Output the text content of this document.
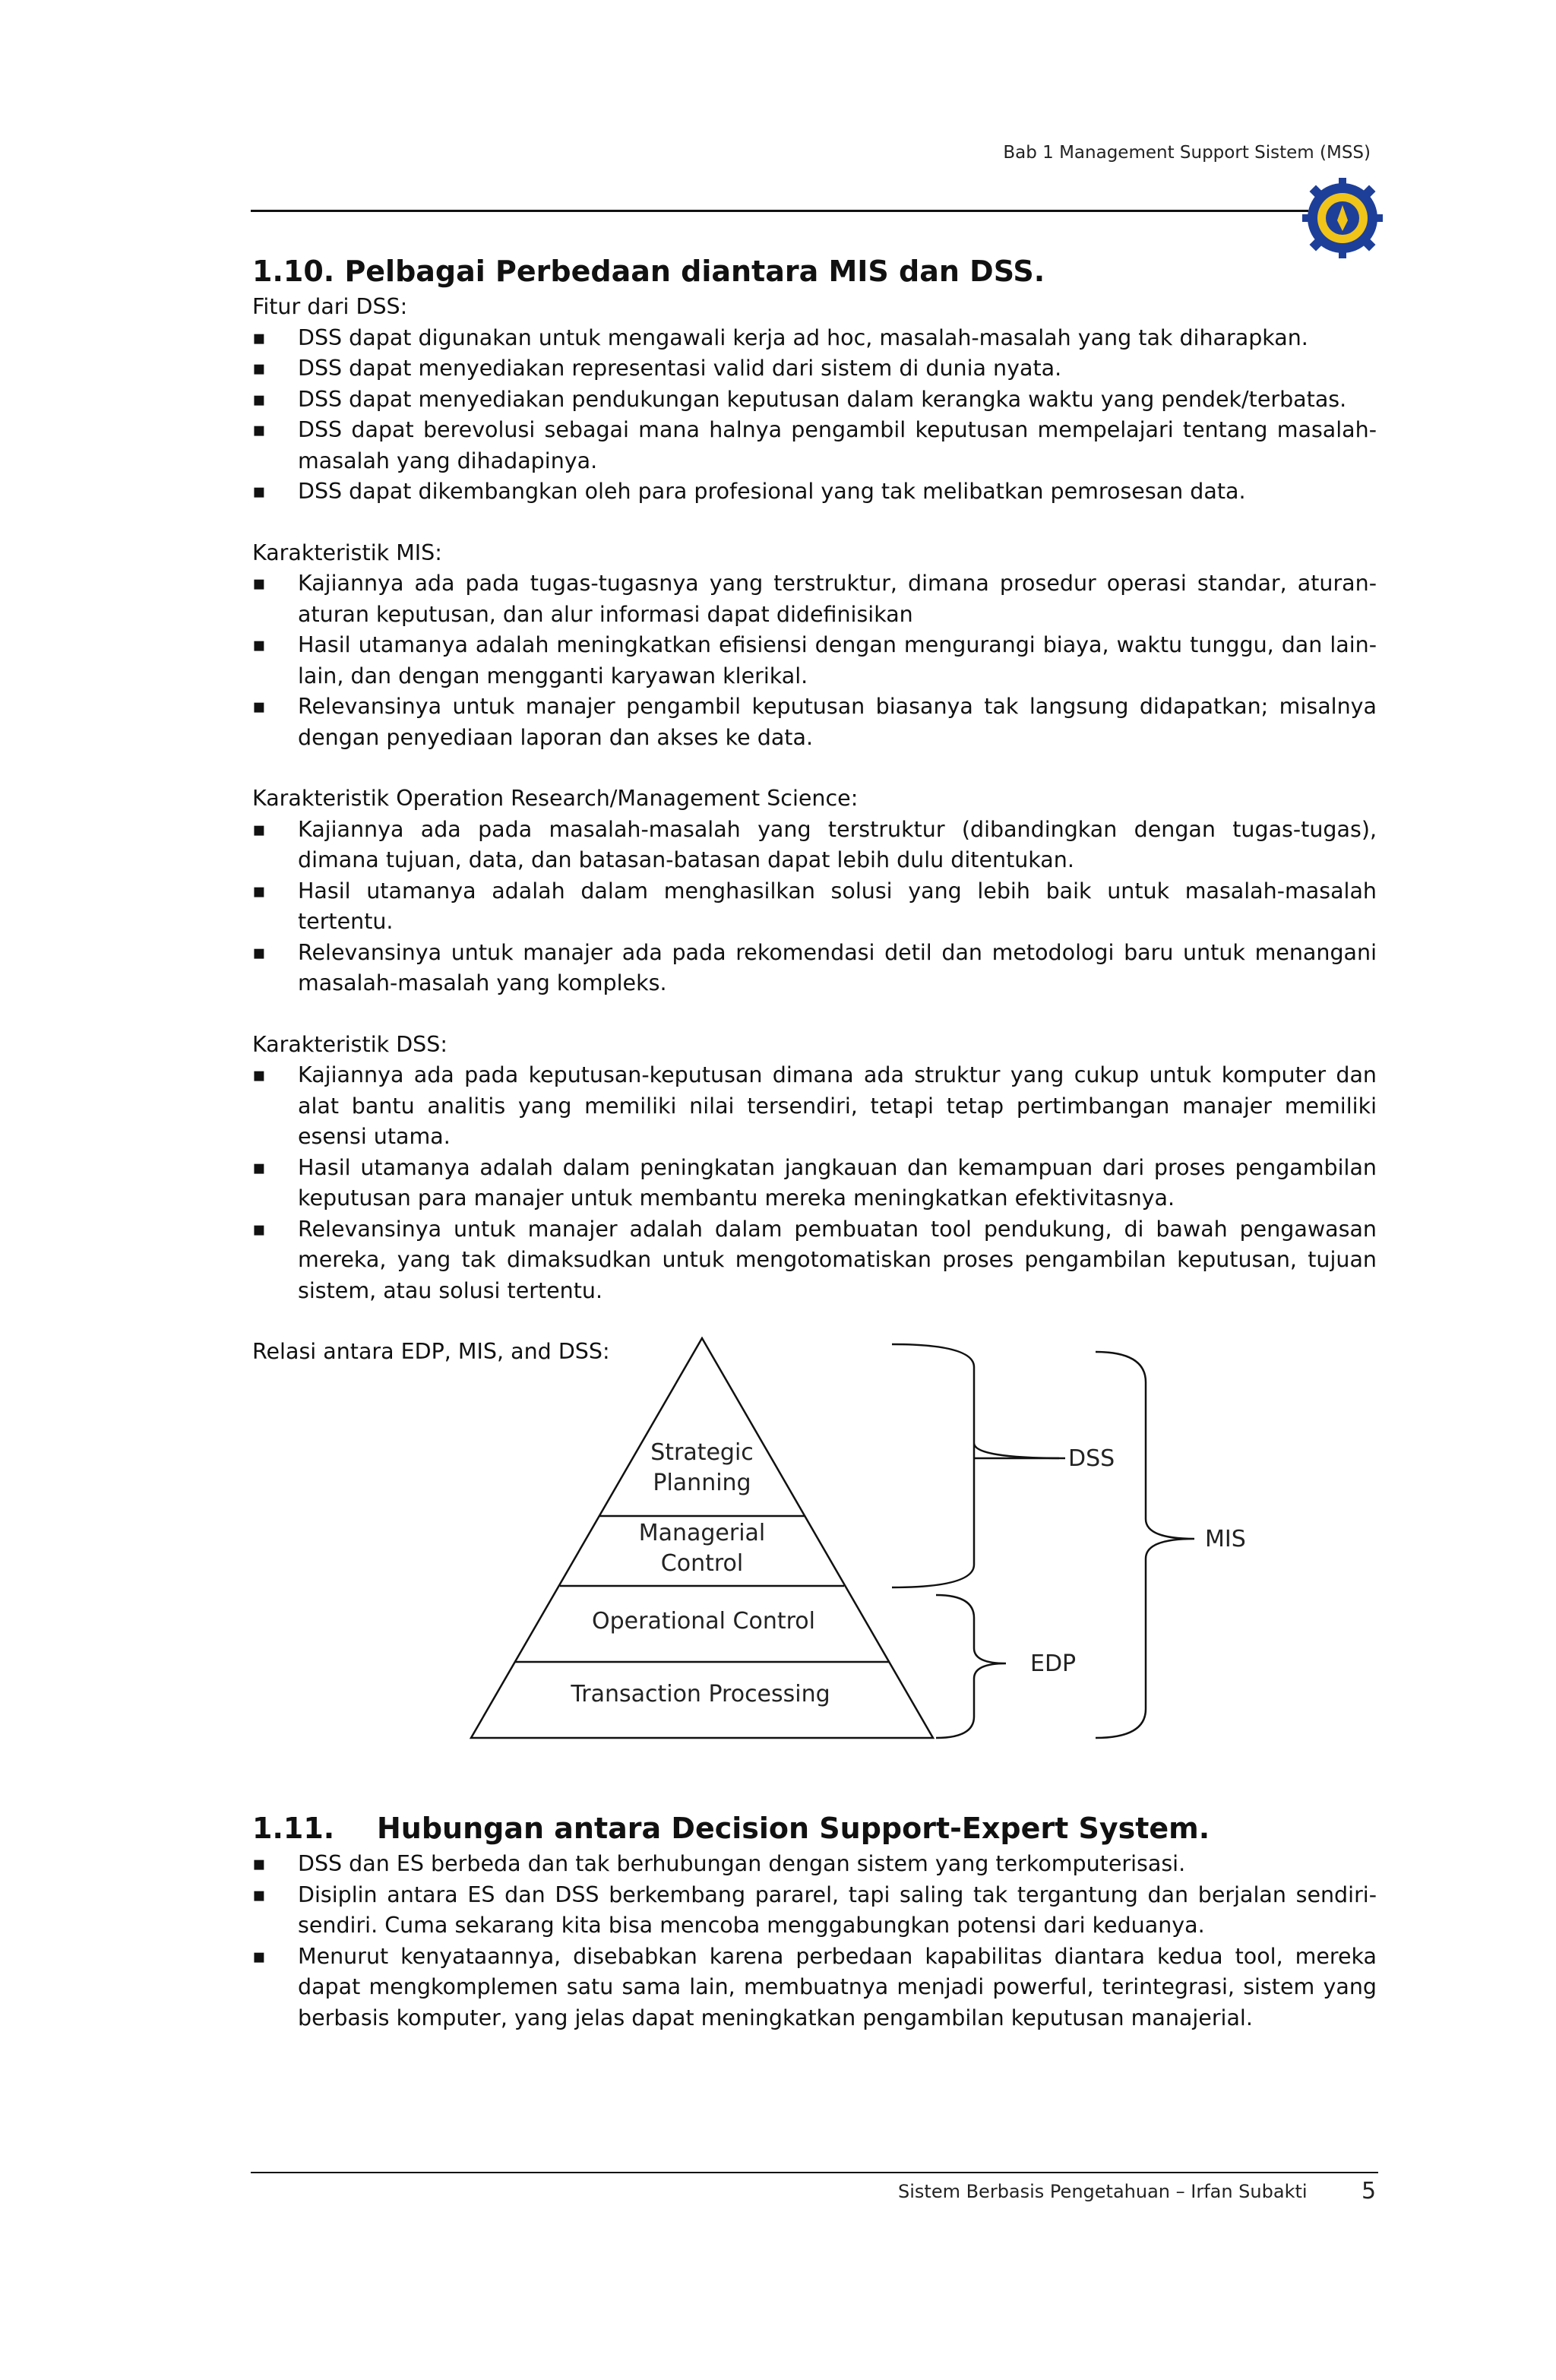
Bab 1 Management Support Sistem (MSS)
1.10. Pelbagai Perbedaan diantara MIS dan DSS.

Fitur dari DSS:

▪ DSS dapat digunakan untuk mengawali kerja ad hoc, masalah-masalah yang tak diharapkan.
▪ DSS dapat menyediakan representasi valid dari sistem di dunia nyata.
▪ DSS dapat menyediakan pendukungan keputusan dalam kerangka waktu yang pendek/terbatas.
▪ DSS dapat berevolusi sebagai mana halnya pengambil keputusan mempelajari tentang masalah-masalah yang dihadapinya.
▪ DSS dapat dikembangkan oleh para profesional yang tak melibatkan pemrosesan data.

Karakteristik MIS:

▪ Kajiannya ada pada tugas-tugasnya yang terstruktur, dimana prosedur operasi standar, aturan-aturan keputusan, dan alur informasi dapat didefinisikan
▪ Hasil utamanya adalah meningkatkan efisiensi dengan mengurangi biaya, waktu tunggu, dan lain-lain, dan dengan mengganti karyawan klerikal.
▪ Relevansinya untuk manajer pengambil keputusan biasanya tak langsung didapatkan; misalnya dengan penyediaan laporan dan akses ke data.

Karakteristik Operation Research/Management Science:

▪ Kajiannya ada pada masalah-masalah yang terstruktur (dibandingkan dengan tugas-tugas), dimana tujuan, data, dan batasan-batasan dapat lebih dulu ditentukan.
▪ Hasil utamanya adalah dalam menghasilkan solusi yang lebih baik untuk masalah-masalah tertentu.
▪ Relevansinya untuk manajer ada pada rekomendasi detil dan metodologi baru untuk menangani masalah-masalah yang kompleks.

Karakteristik DSS:

▪ Kajiannya ada pada keputusan-keputusan dimana ada struktur yang cukup untuk komputer dan alat bantu analitis yang memiliki nilai tersendiri, tetapi tetap pertimbangan manajer memiliki esensi utama.
▪ Hasil utamanya adalah dalam peningkatan jangkauan dan kemampuan dari proses pengambilan keputusan para manajer untuk membantu mereka meningkatkan efektivitasnya.
▪ Relevansinya untuk manajer adalah dalam pembuatan tool pendukung, di bawah pengawasan mereka, yang tak dimaksudkan untuk mengotomatiskan proses pengambilan keputusan, tujuan sistem, atau solusi tertentu.

Relasi antara EDP, MIS, and DSS:

Strategic
Planning
Managerial
Control
Operational Control
Transaction Processing
DSS
EDP
MIS
1.11. Hubungan antara Decision Support-Expert System.
▪ DSS dan ES berbeda dan tak berhubungan dengan sistem yang terkomputerisasi.
▪ Disiplin antara ES dan DSS berkembang pararel, tapi saling tak tergantung dan berjalan sendiri-sendiri. Cuma sekarang kita bisa mencoba menggabungkan potensi dari keduanya.
▪ Menurut kenyataannya, disebabkan karena perbedaan kapabilitas diantara kedua tool, mereka dapat mengkomplemen satu sama lain, membuatnya menjadi powerful, terintegrasi, sistem yang berbasis komputer, yang jelas dapat meningkatkan pengambilan keputusan manajerial.
Sistem Berbasis Pengetahuan – Irfan Subakti 5
